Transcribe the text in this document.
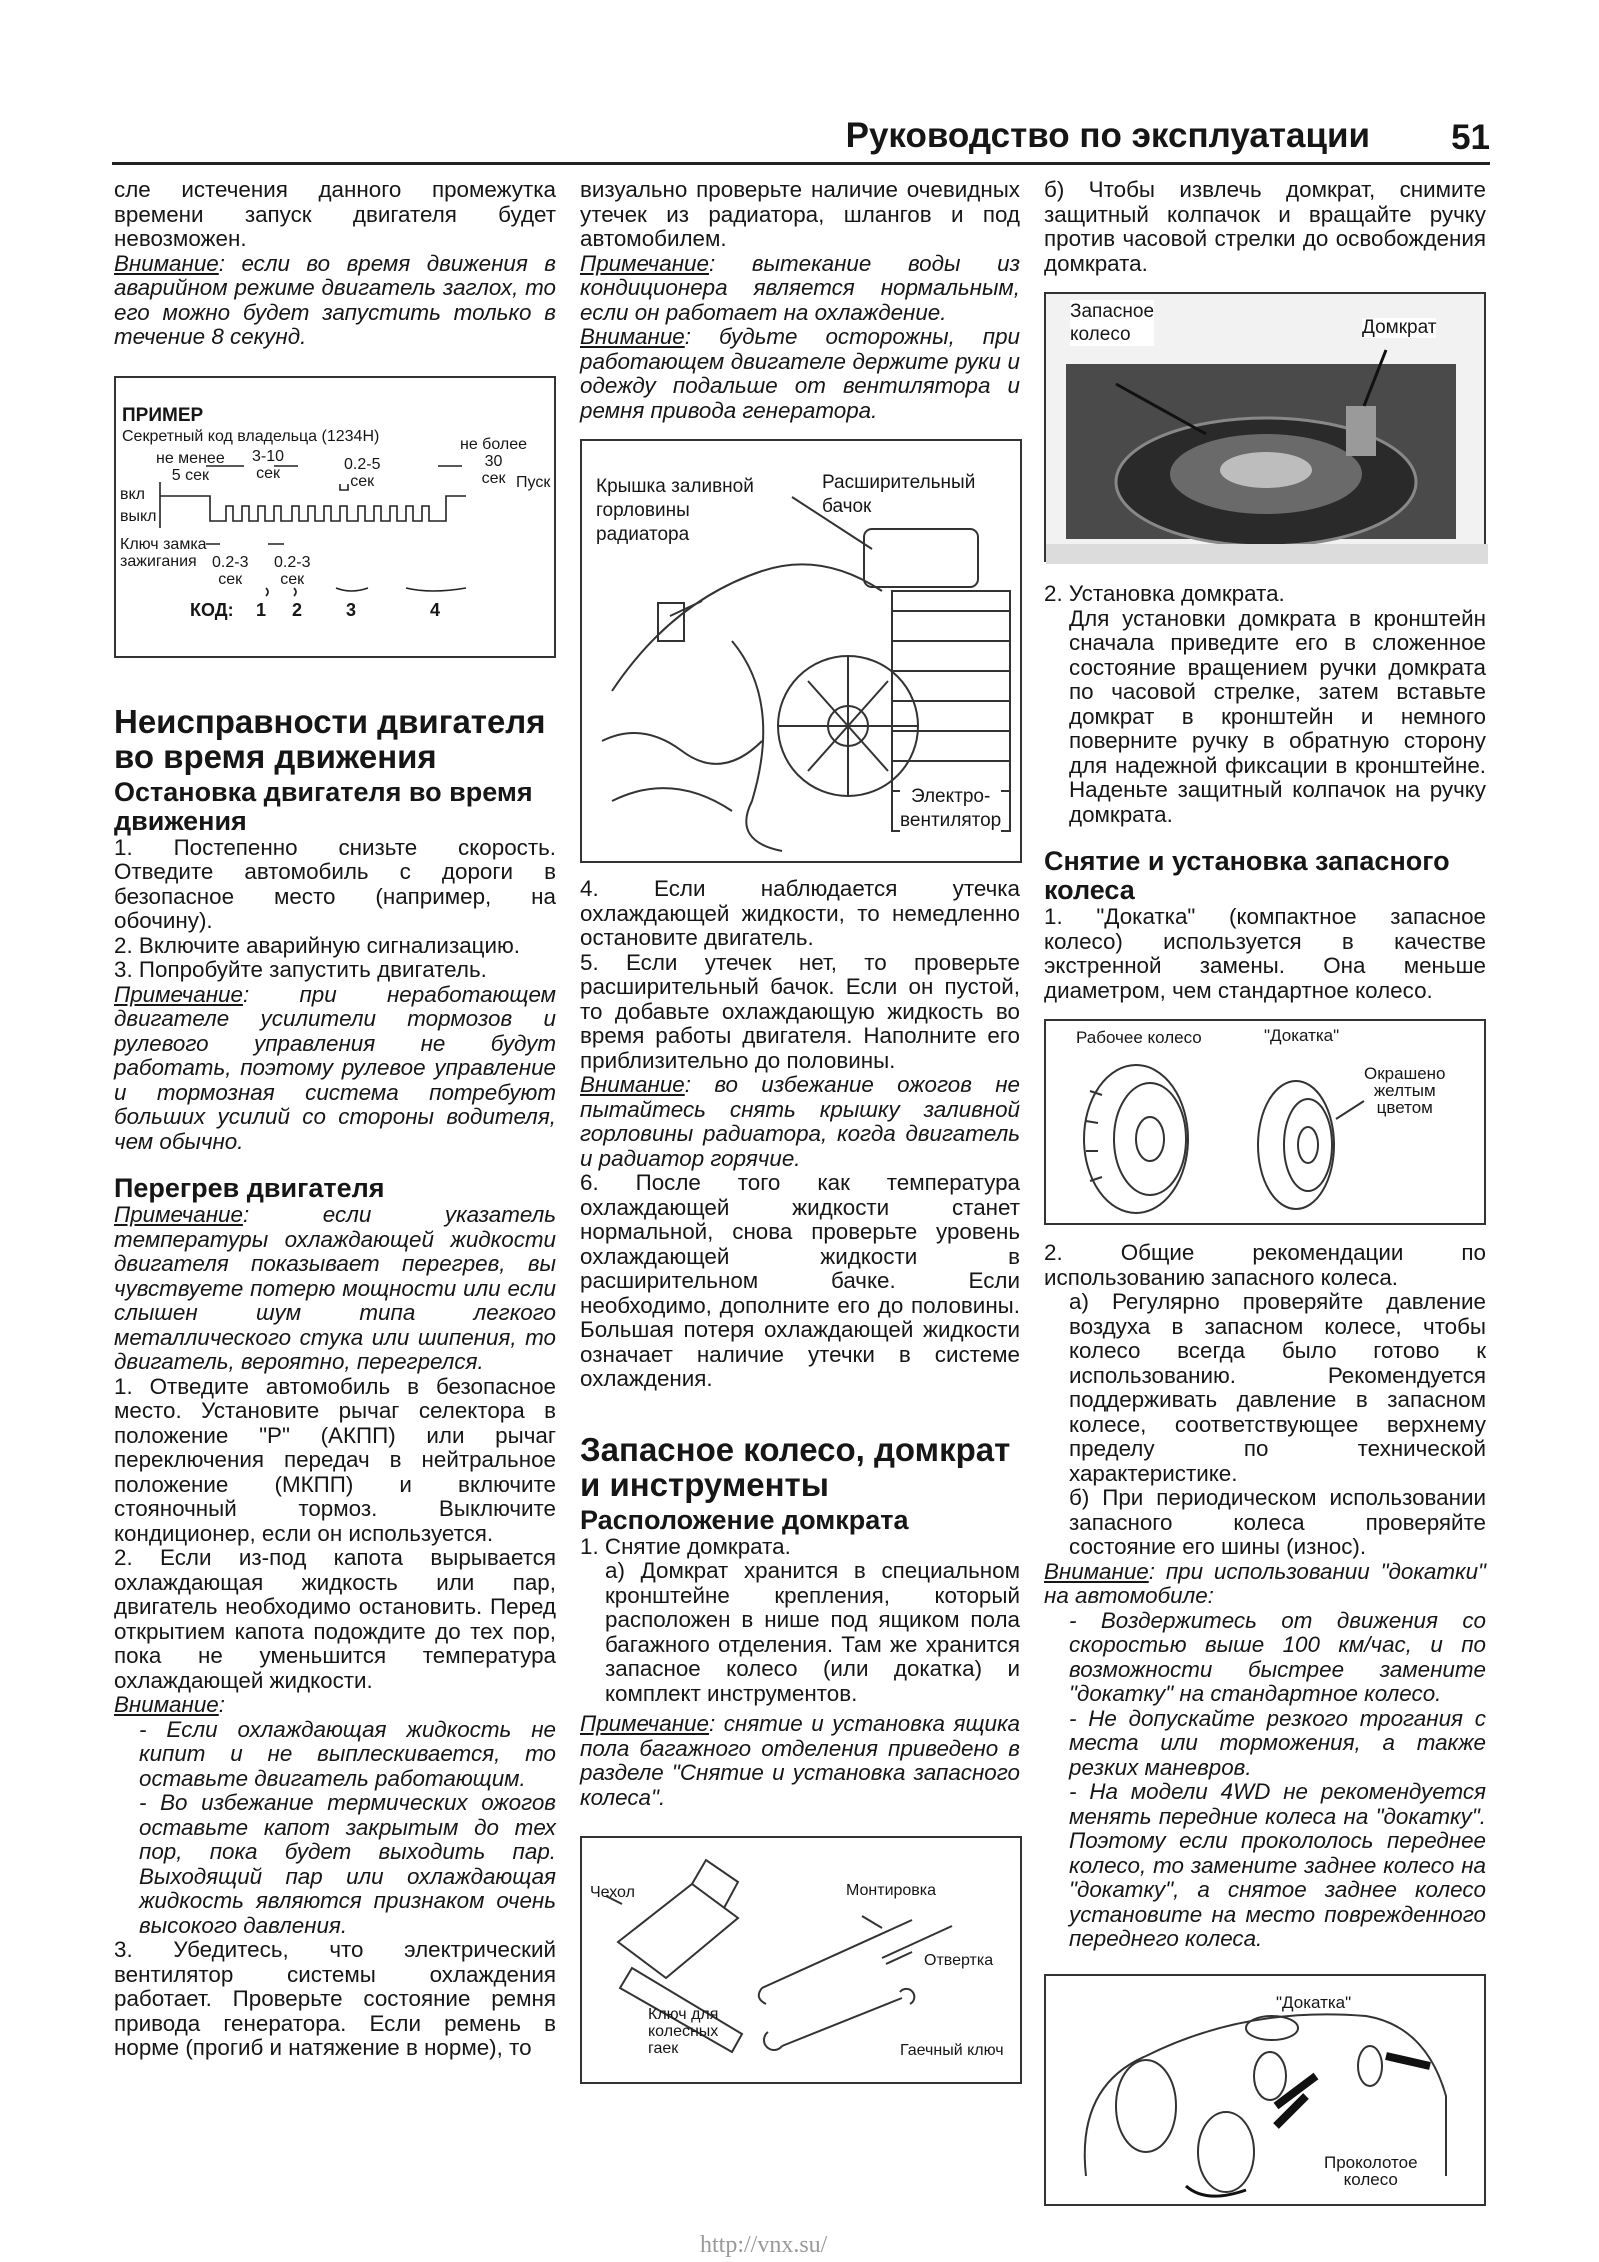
Руководство по эксплуатации 51

сле истечения данного промежутка времени запуск двигателя будет невозможен.

Внимание: если во время движения в аварийном режиме двигатель заглох, то его можно будет запустить только в течение 8 секунд.

ПРИМЕР
Секретный код владельца (1234H)
не менее
5 сек
3-10
сек
0.2-5
сек
не более
30
сек Пуск
вкл
выкл
Ключ замка
зажигания 0.2-3
сек
0.2-3
сек
КОД: 1 2 3	4

Неисправности двигателя во время движения

Остановка двигателя во время движения

1. Постепенно снизьте скорость. Отведите автомобиль с дороги в безопасное место (например, на обочину).

2. Включите аварийную сигнализацию.

3. Попробуйте запустить двигатель.

Примечание: при неработающем двигателе усилители тормозов и рулевого управления не будут работать, поэтому рулевое управление и тормозная система потребуют больших усилий со стороны водителя, чем обычно.

Перегрев двигателя

Примечание: если указатель температуры охлаждающей жидкости двигателя показывает перегрев, вы чувствуете потерю мощности или если слышен шум типа легкого металлического стука или шипения, то двигатель, вероятно, перегрелся.

1. Отведите автомобиль в безопасное место. Установите рычаг селектора в положение "P" (АКПП) или рычаг переключения передач в нейтральное положение (МКПП) и включите стояночный тормоз. Выключите кондиционер, если он используется.

2. Если из-под капота вырывается охлаждающая жидкость или пар, двигатель необходимо остановить. Перед открытием капота подождите до тех пор, пока не уменьшится температура охлаждающей жидкости.

Внимание:

- Если охлаждающая жидкость не кипит и не выплескивается, то оставьте двигатель работающим.

- Во избежание термических ожогов оставьте капот закрытым до тех пор, пока будет выходить пар. Выходящий пар или охлаждающая жидкость являются признаком очень высокого давления.

3. Убедитесь, что электрический вентилятор системы охлаждения работает. Проверьте состояние ремня привода генератора. Если ремень в норме (прогиб и натяжение в норме), то

визуально проверьте наличие очевидных утечек из радиатора, шлангов и под автомобилем.

Примечание: вытекание воды из кондиционера является нормальным, если он работает на охлаждение.

Внимание: будьте осторожны, при работающем двигателе держите руки и одежду подальше от вентилятора и ремня привода генератора.

Крышка заливной
горловины
радиатора
Расширительный
бачок
Электро-
вентилятор

4. Если наблюдается утечка охлаждающей жидкости, то немедленно остановите двигатель.

5. Если утечек нет, то проверьте расширительный бачок. Если он пустой, то добавьте охлаждающую жидкость во время работы двигателя. Наполните его приблизительно до половины.

Внимание: во избежание ожогов не пытайтесь снять крышку заливной горловины радиатора, когда двигатель и радиатор горячие.

6. После того как температура охлаждающей жидкости станет нормальной, снова проверьте уровень охлаждающей жидкости в расширительном бачке. Если необходимо, дополните его до половины. Большая потеря охлаждающей жидкости означает наличие утечки в системе охлаждения.

Запасное колесо, домкрат и инструменты

Расположение домкрата

1. Снятие домкрата.

а) Домкрат хранится в специальном кронштейне крепления, который расположен в нише под ящиком пола багажного отделения. Там же хранится запасное колесо (или докатка) и комплект инструментов.

Примечание: снятие и установка ящика пола багажного отделения приведено в разделе "Снятие и установка запасного колеса".

Чехол	Монтировка
Отвертка
Ключ для
колесных
гаек	Гаечный ключ

б) Чтобы извлечь домкрат, снимите защитный колпачок и вращайте ручку против часовой стрелки до освобождения домкрата.

Запасное
колесо	Домкрат

2. Установка домкрата.

Для установки домкрата в кронштейн сначала приведите его в сложенное состояние вращением ручки домкрата по часовой стрелке, затем вставьте домкрат в кронштейн и немного поверните ручку в обратную сторону для надежной фиксации в кронштейне. Наденьте защитный колпачок на ручку домкрата.

Снятие и установка запасного колеса

1. "Докатка" (компактное запасное колесо) используется в качестве экстренной замены. Она меньше диаметром, чем стандартное колесо.

Рабочее колесо	"Докатка"
Окрашено
желтым
цветом

2. Общие рекомендации по использованию запасного колеса.

а) Регулярно проверяйте давление воздуха в запасном колесе, чтобы колесо всегда было готово к использованию. Рекомендуется поддерживать давление в запасном колесе, соответствующее верхнему пределу по технической характеристике.

б) При периодическом использовании запасного колеса проверяйте состояние его шины (износ).

Внимание: при использовании "докатки" на автомобиле:

- Воздержитесь от движения со скоростью выше 100 км/час, и по возможности быстрее замените "докатку" на стандартное колесо.

- Не допускайте резкого трогания с места или торможения, а также резких маневров.

- На модели 4WD не рекомендуется менять передние колеса на "докатку". Поэтому если прокололось переднее колесо, то замените заднее колесо на "докатку", а снятое заднее колесо установите на место поврежденного переднего колеса.

"Докатка"
Проколотое
колесо
http://vnx.su/
